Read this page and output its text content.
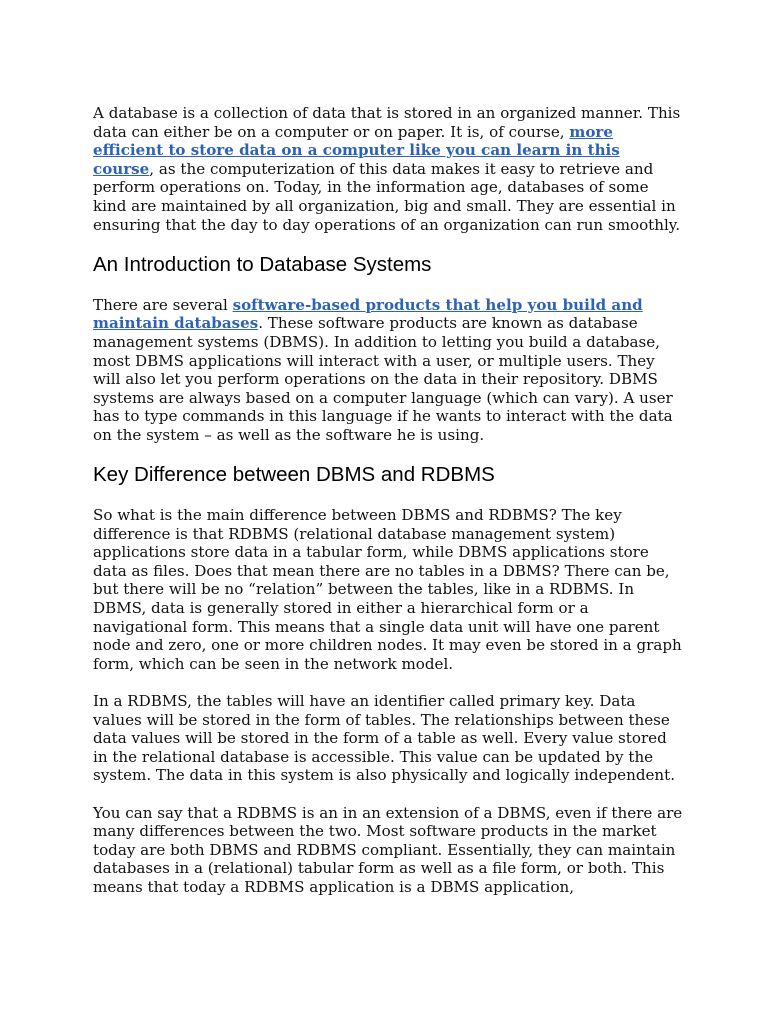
A database is a collection of data that is stored in an organized manner. This data can either be on a computer or on paper. It is, of course, more efficient to store data on a computer like you can learn in this course, as the computerization of this data makes it easy to retrieve and perform operations on. Today, in the information age, databases of some kind are maintained by all organization, big and small. They are essential in ensuring that the day to day operations of an organization can run smoothly.

An Introduction to Database Systems

There are several software-based products that help you build and maintain databases. These software products are known as database management systems (DBMS). In addition to letting you build a database, most DBMS applications will interact with a user, or multiple users. They will also let you perform operations on the data in their repository. DBMS systems are always based on a computer language (which can vary). A user has to type commands in this language if he wants to interact with the data on the system – as well as the software he is using.

Key Difference between DBMS and RDBMS

So what is the main difference between DBMS and RDBMS? The key difference is that RDBMS (relational database management system) applications store data in a tabular form, while DBMS applications store data as files. Does that mean there are no tables in a DBMS? There can be, but there will be no “relation” between the tables, like in a RDBMS. In DBMS, data is generally stored in either a hierarchical form or a navigational form. This means that a single data unit will have one parent node and zero, one or more children nodes. It may even be stored in a graph form, which can be seen in the network model.

In a RDBMS, the tables will have an identifier called primary key. Data values will be stored in the form of tables. The relationships between these data values will be stored in the form of a table as well. Every value stored in the relational database is accessible. This value can be updated by the system. The data in this system is also physically and logically independent.

You can say that a RDBMS is an in an extension of a DBMS, even if there are many differences between the two. Most software products in the market today are both DBMS and RDBMS compliant. Essentially, they can maintain databases in a (relational) tabular form as well as a file form, or both. This means that today a RDBMS application is a DBMS application,
